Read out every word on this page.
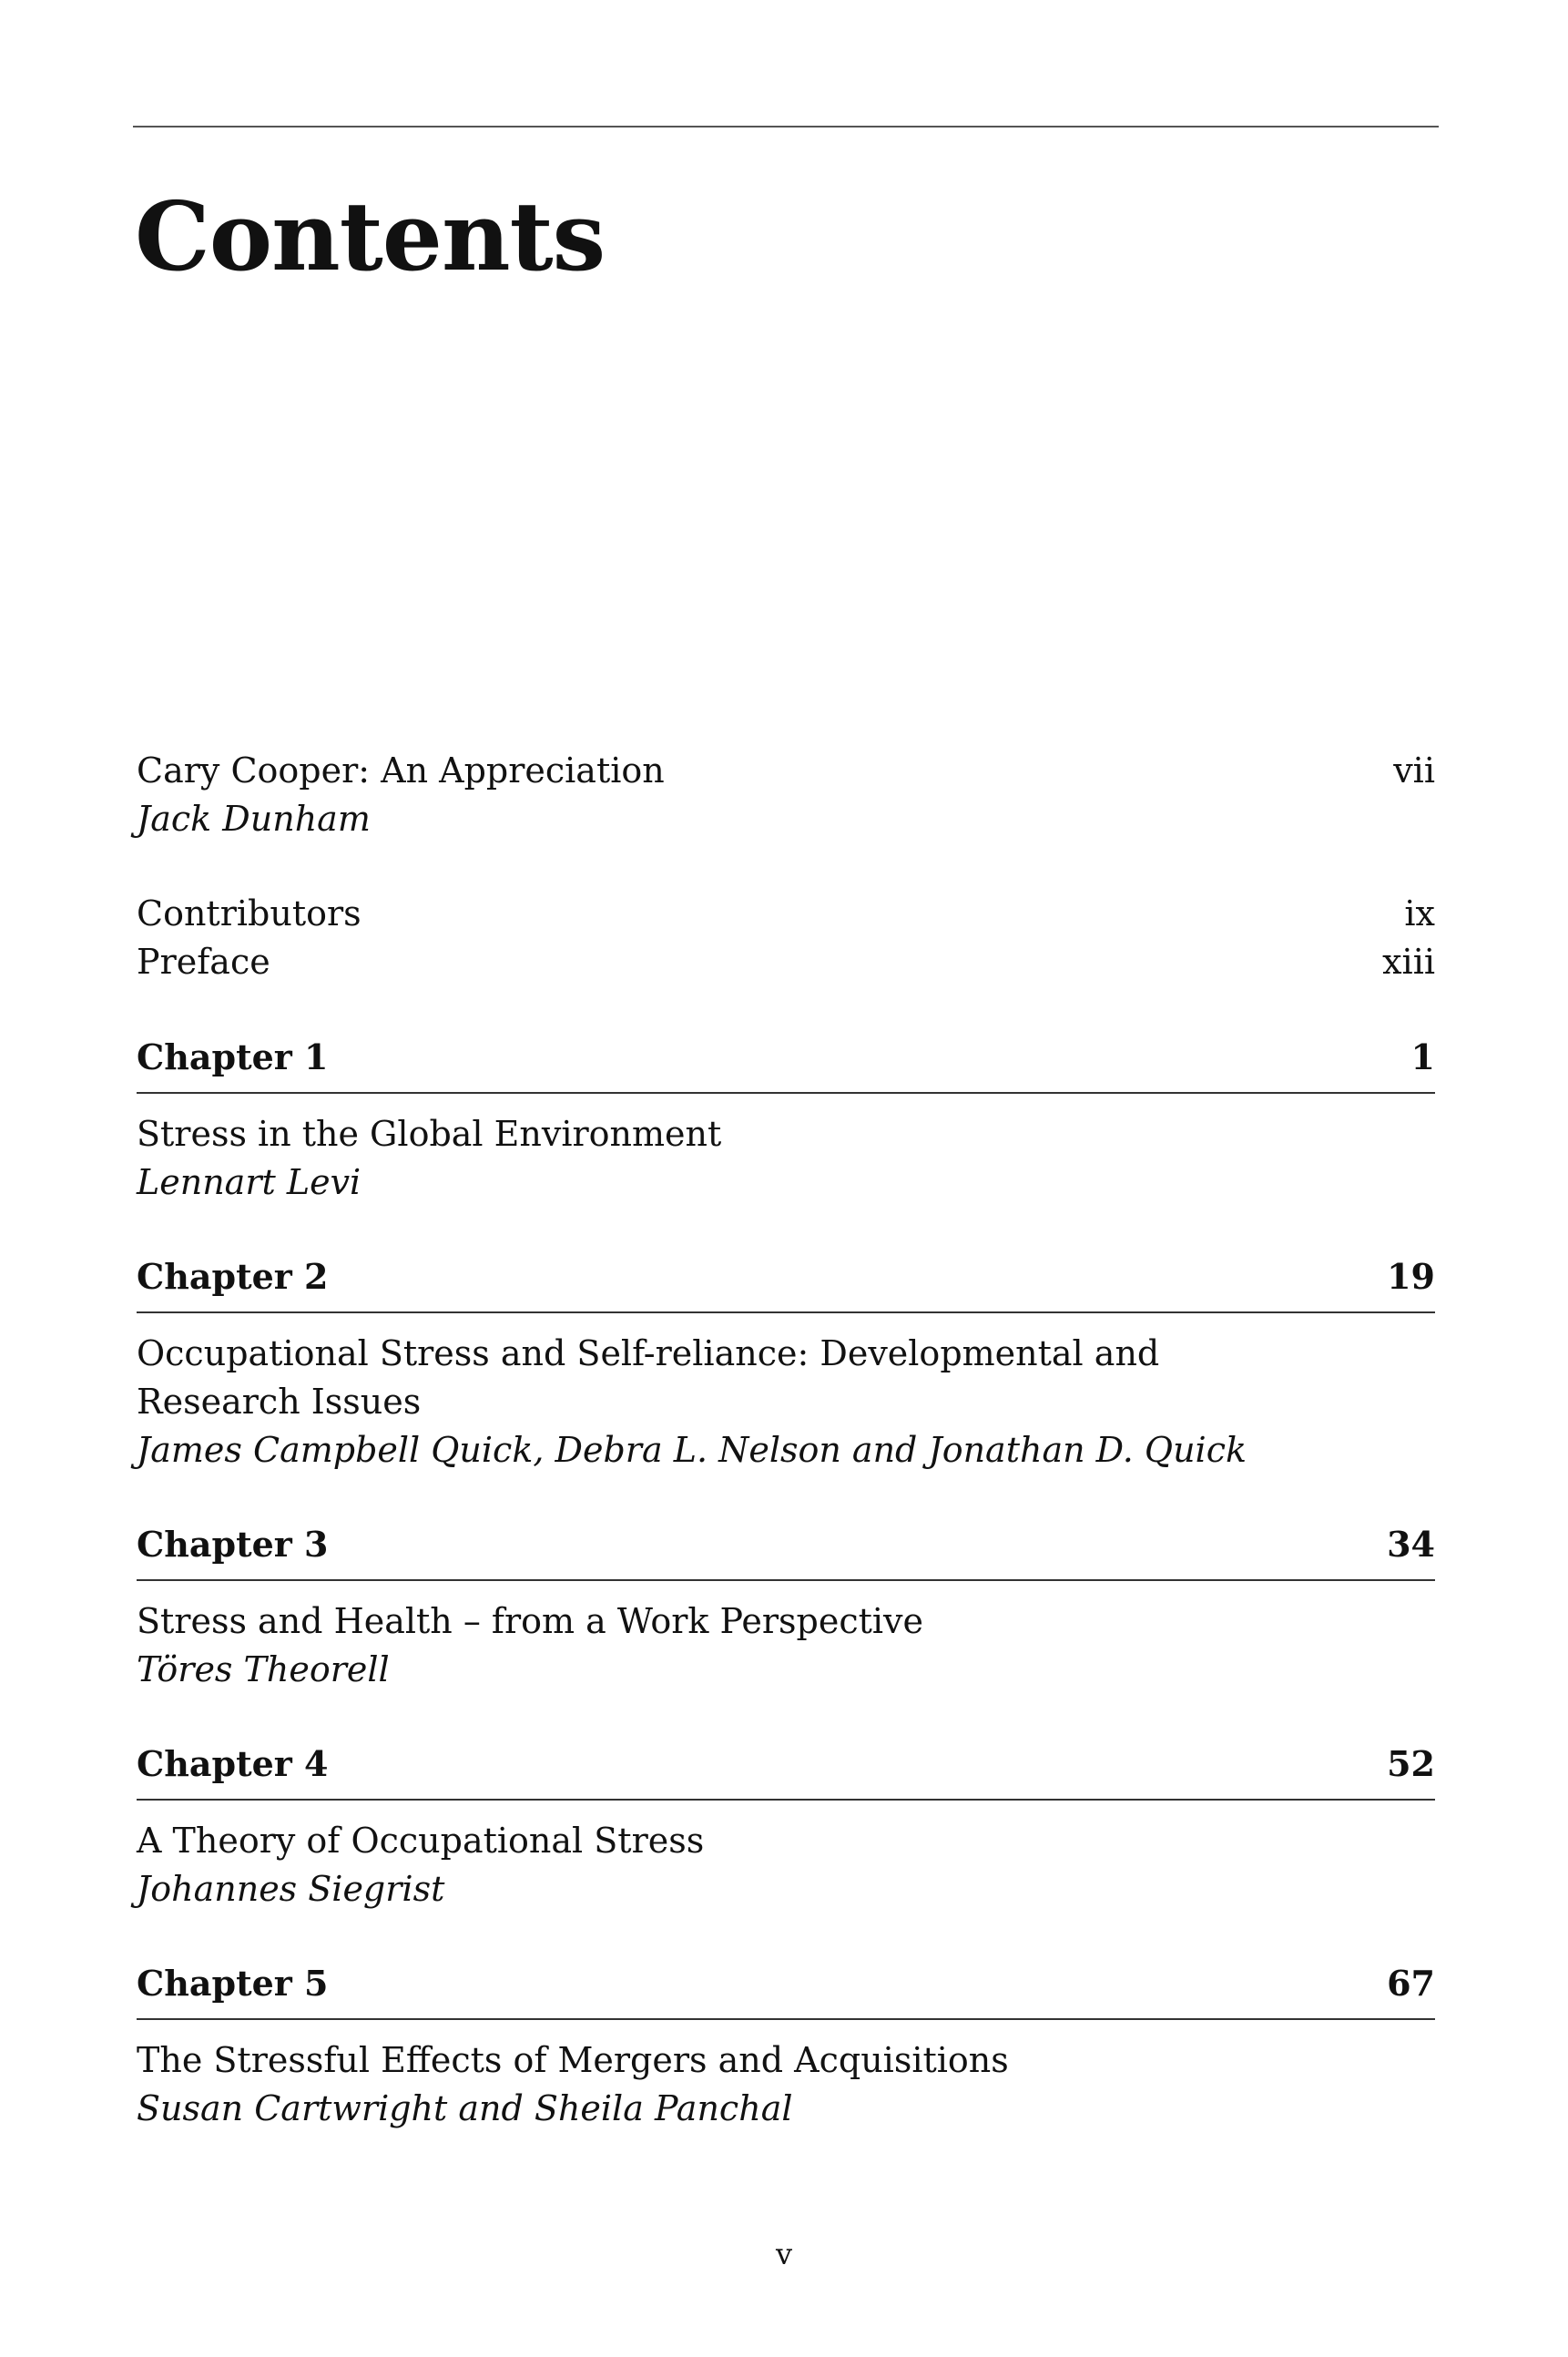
Contents
Cary Cooper: An Appreciation	vii
Jack Dunham
Contributors	ix
Preface	xiii
Chapter 1	1
Stress in the Global Environment
Lennart Levi
Chapter 2	19
Occupational Stress and Self-reliance: Developmental and
Research Issues
James Campbell Quick, Debra L. Nelson and Jonathan D. Quick
Chapter 3	34
Stress and Health – from a Work Perspective
Töres Theorell
Chapter 4	52
A Theory of Occupational Stress
Johannes Siegrist
Chapter 5	67
The Stressful Effects of Mergers and Acquisitions
Susan Cartwright and Sheila Panchal
v
